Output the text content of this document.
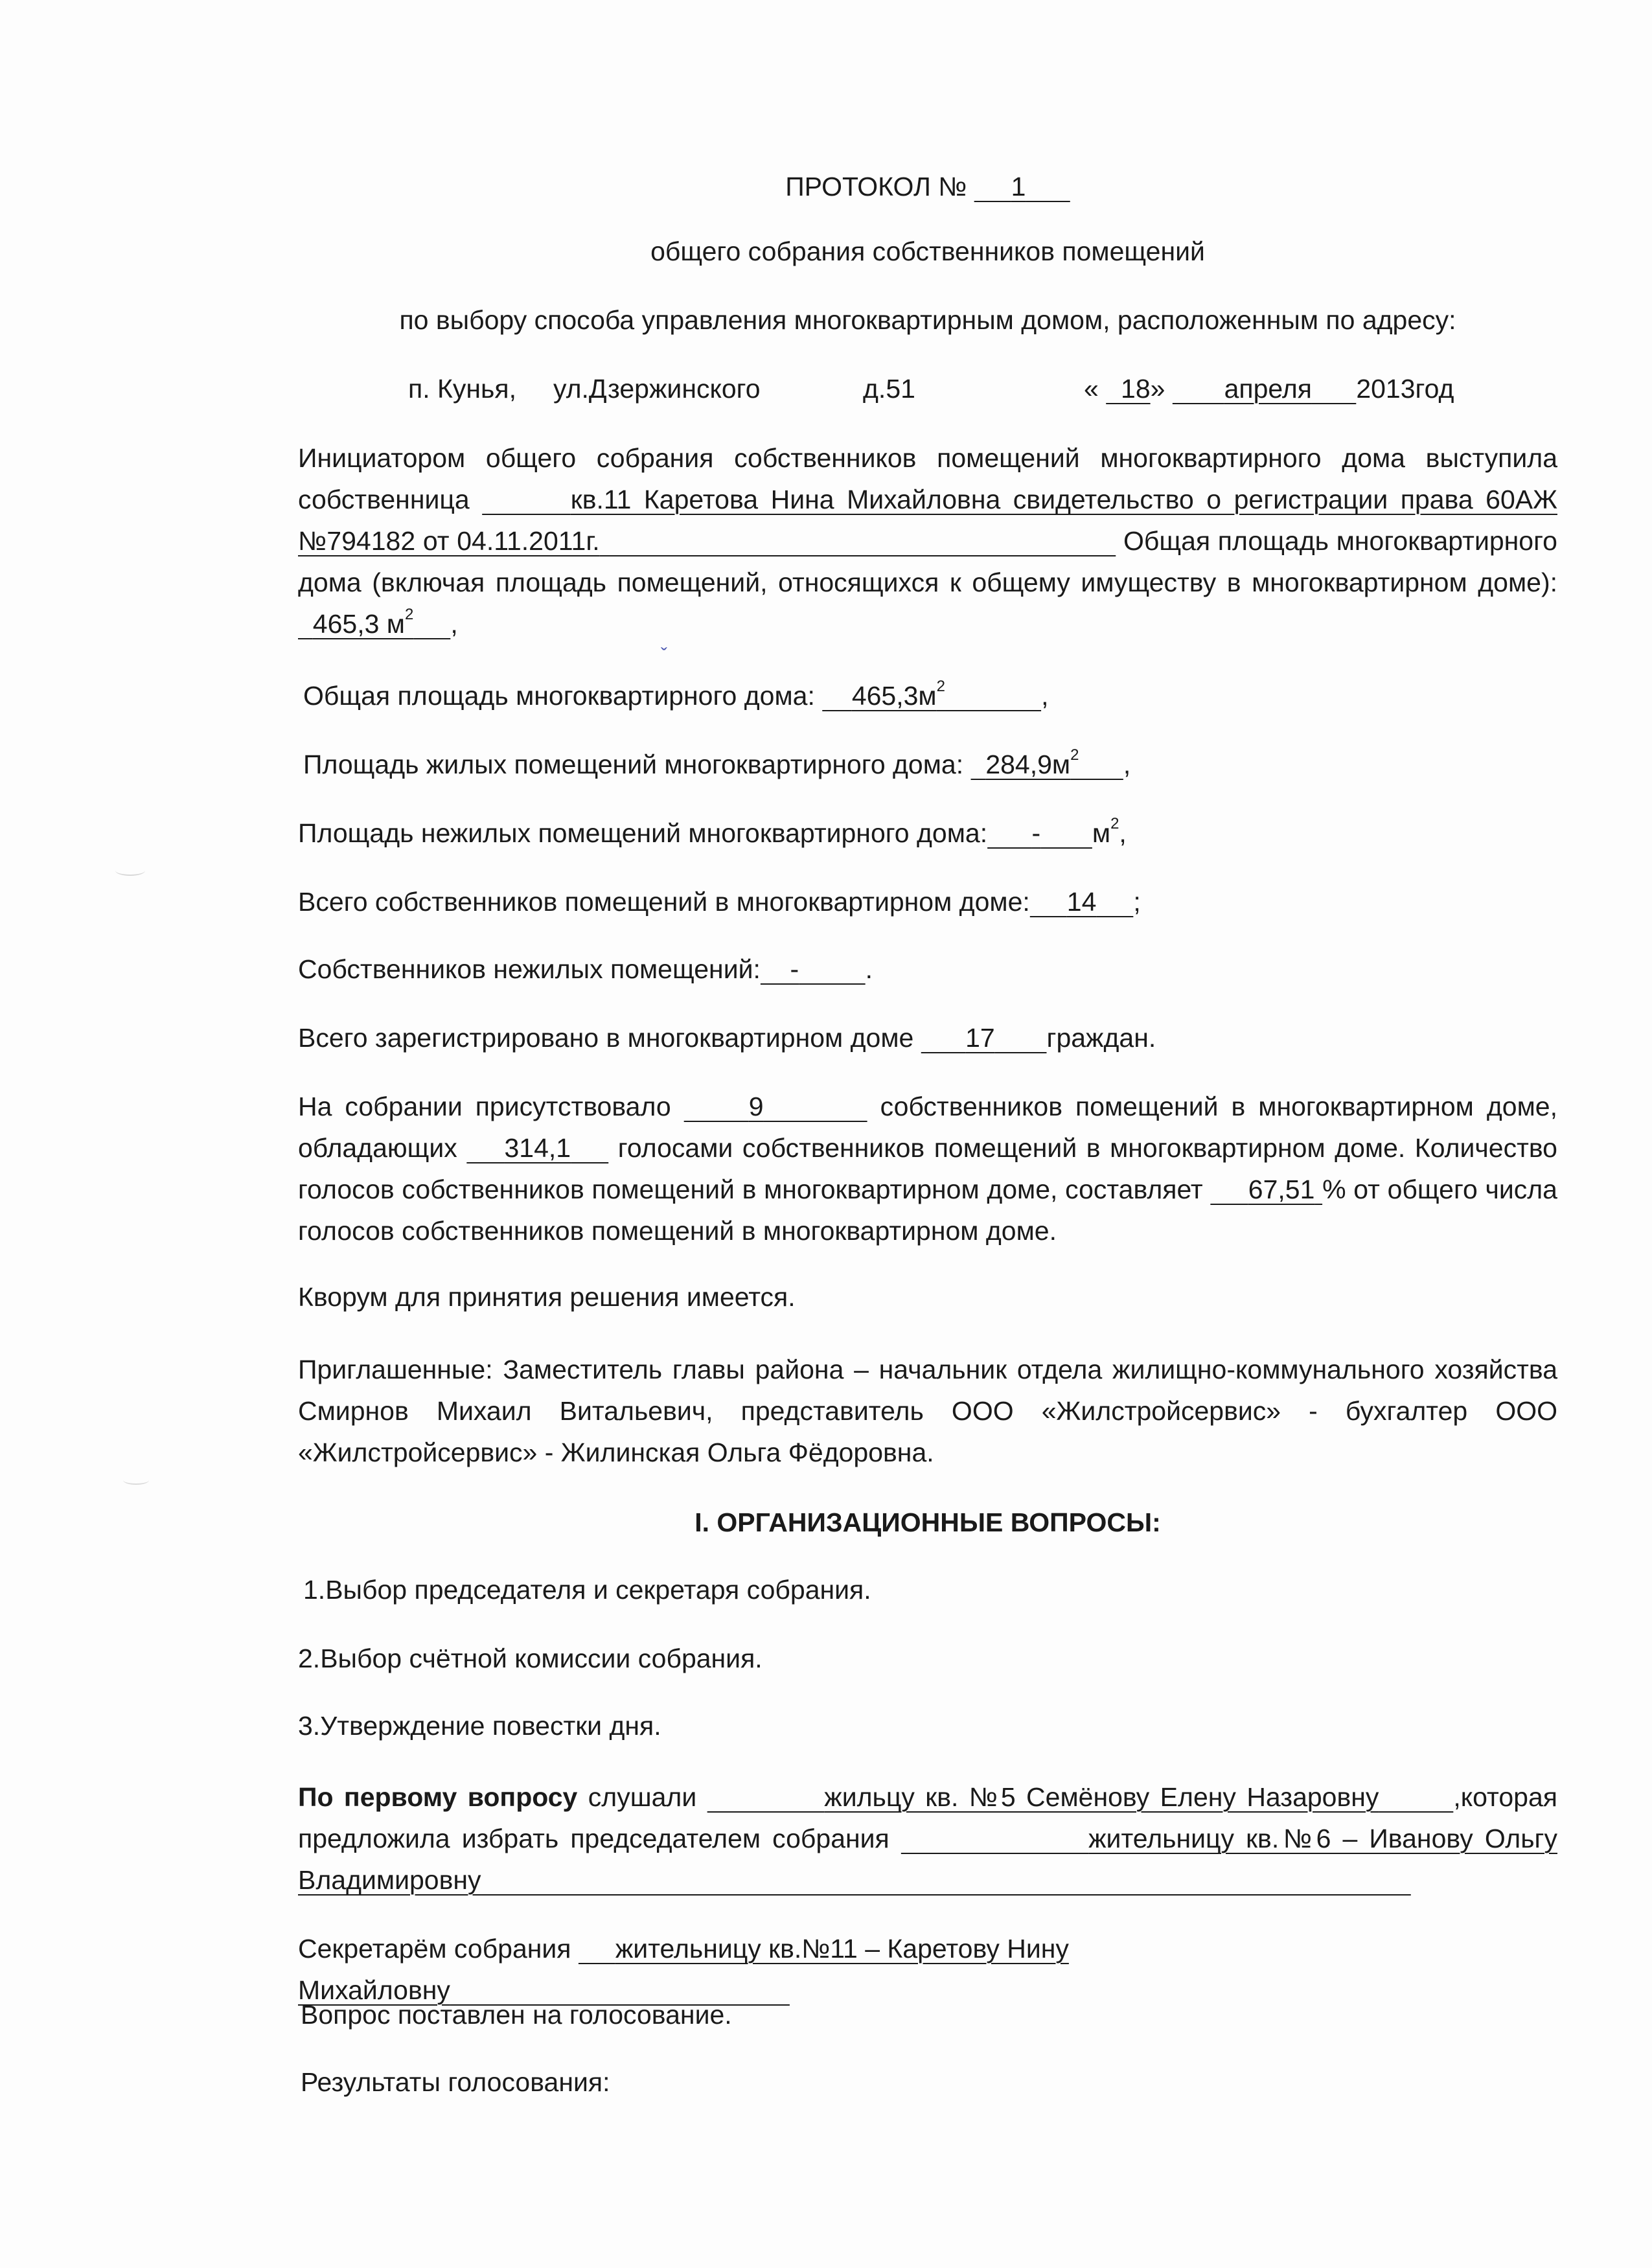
ПРОТОКОЛ № 1

общего собрания собственников помещений

по выбору способа управления многоквартирным домом, расположенным по адресу:

п. Кунья, ул.Дзержинского	д.51	« 18» апреля 2013год

Инициатором общего собрания собственников помещений многоквартирного дома выступила собственница	кв.11 Каретова Нина Михайловна свидетельство о регистрации права 60АЖ №794182 от 04.11.2011г.	Общая площадь многоквартирного дома (включая площадь помещений, относящихся к общему имуществу в многоквартирном доме):   465,3 $м^2$ ,

ˇ

Общая площадь многоквартирного дома: $465,3м^2$	,

Площадь жилых помещений многоквартирного дома: $284,9м^2$ ,

Площадь нежилых помещений многоквартирного дома: - $м^2$,

Всего собственников помещений в многоквартирном доме: 14 ;

Собственников нежилых помещений: -	.

Всего зарегистрировано в многоквартирном доме 17 граждан.

На собрании присутствовало	9	собственников помещений в многоквартирном доме, обладающих 314,1 голосами собственников помещений в многоквартирном доме. Количество голосов собственников помещений в многоквартирном доме, составляет 67,51 % от общего числа голосов собственников помещений в многоквартирном доме.

Кворум для принятия решения имеется.

Приглашенные: Заместитель главы района – начальник отдела жилищно-коммунального хозяйства Смирнов Михаил Витальевич, представитель ООО «Жилстройсервис» - бухгалтер ООО «Жилстройсервис» - Жилинская Ольга Фёдоровна.

I. ОРГАНИЗАЦИОННЫЕ ВОПРОСЫ:

1.Выбор председателя и секретаря собрания.

2.Выбор счётной комиссии собрания.

3.Утверждение повестки дня.

По первому вопросу слушали	жильцу кв. №5 Семёнову Елену Назаровну	,которая предложила избрать председателем собрания	жительницу кв.№6 – Иванову Ольгу Владимировну

Секретарём собрания жительницу кв.№11 – Каретову Нину Михайловну

Вопрос поставлен на голосование.

Результаты голосования:
